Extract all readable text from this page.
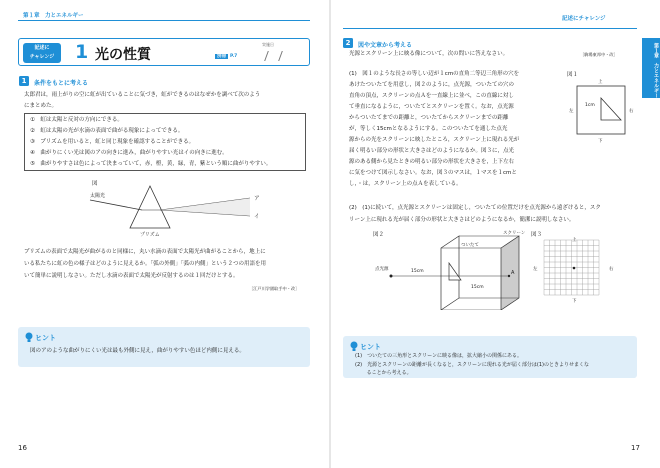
第１章　力とエネルギー
記述に
チャレンジ	1 光の性質	別冊 P.7
実施日
1	条件をもとに考える
太郎君は，雨上がりの空に虹が出ていることに気づき，虹ができるのはなぜかを調べて次のよう
にまとめた。
①　虹は太陽と反対の方向にできる。
②　虹は太陽の光が水滴の表面で曲がる現象によってできる。
③　プリズムを用いると，虹と同じ現象を確認することができる。
④　曲がりにくい光は図のアの向きに進み，曲がりやすい光はイの向きに進む。
⑤　曲がりやすさは色によって決まっていて，赤，橙，黄，緑，青，紫という順に曲がりやすい。
図
太陽光	ア
イ
プリズム
プリズムの表面で太陽光が曲がるのと同様に，丸い水滴の表面で太陽光が曲がることから，地上に
いる私たちに虹の色の様子はどのように見えるか。「弧の外側」「弧の内側」という２つの用語を用
いて簡単に説明しなさい。ただし水滴の表面で太陽光が反射するのは１回だけとする。
［江戸川学園取手中・改］
ヒント
図のアのような曲がりにくい光は最も外側に見え，曲がりやすい色ほど内側に見える。
16
記述にチャレンジ
第１章　力とエネルギー
2	図や文章から考える
光源とスクリーン上に映る像について，次の問いに答えなさい。	［駒場東邦中・改］
(1)　図１のような長さの等しい辺が１cmの直角二等辺三角形の穴を
あけたついたてを用意し，図２のように，点光源，ついたての穴の
直角の頂点，スクリーンの点Ａを一直線上に並べ，この直線に対し
て垂直になるように，ついたてとスクリーンを置く。なお，点光源
からついたてまでの距離と，ついたてからスクリーンまでの距離
が，等しく15cmとなるようにする。このついたてを通した点光
源からの光をスクリーンに映したところ，スクリーン上に現れる光が
届く明るい部分の形状と大きさはどのようになるか。図３に，点光
源のある側から見たときの明るい部分の形状を大きさを，上下左右
に気をつけて図示しなさい。なお，図３のマスは，１マスを１cmと
し，・は，スクリーン上の点Ａを表している。
図１
1cm
上
下
左	右
(2)　(1)に続いて，点光源とスクリーンは固定し，ついたての位置だけを点光源から遠ざけると，スク
リーン上に現れる光が届く部分の形状と大きさはどのようになるか，簡潔に説明しなさい。
図２
A
点光源	15cm
15cm
ついたて
スクリーン 図３
上
下
左	右
ヒント
(1)　ついたての三角形とスクリーンに映る像は，拡大縮小の関係にある。
(2)　光源とスクリーンの距離が長くなると，スクリーンに現れる光が届く部分は(1)のときよりせまくな
　　 ることから考える。
17
